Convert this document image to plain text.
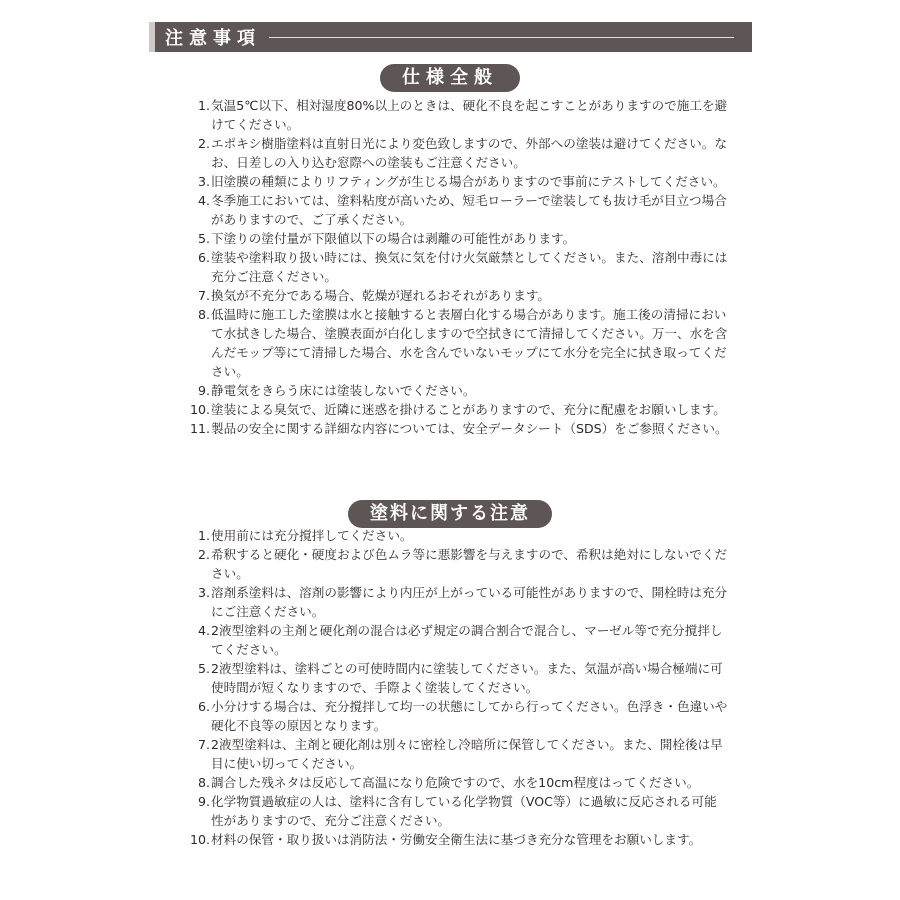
注意事項
仕様全般
1. 気温5℃以下、相対湿度80%以上のときは、硬化不良を起こすことがありますので施工を避けてください。
2. エポキシ樹脂塗料は直射日光により変色致しますので、外部への塗装は避けてください。なお、日差しの入り込む窓際への塗装もご注意ください。
3. 旧塗膜の種類によりリフティングが生じる場合がありますので事前にテストしてください。
4. 冬季施工においては、塗料粘度が高いため、短毛ローラーで塗装しても抜け毛が目立つ場合がありますので、ご了承ください。
5. 下塗りの塗付量が下限値以下の場合は剥離の可能性があります。
6. 塗装や塗料取り扱い時には、換気に気を付け火気厳禁としてください。また、溶剤中毒には充分ご注意ください。
7. 換気が不充分である場合、乾燥が遅れるおそれがあります。
8. 低温時に施工した塗膜は水と接触すると表層白化する場合があります。施工後の清掃において水拭きした場合、塗膜表面が白化しますので空拭きにて清掃してください。万一、水を含んだモップ等にて清掃した場合、水を含んでいないモップにて水分を完全に拭き取ってください。
9. 静電気をきらう床には塗装しないでください。
10. 塗装による臭気で、近隣に迷惑を掛けることがありますので、充分に配慮をお願いします。
11. 製品の安全に関する詳細な内容については、安全データシート（SDS）をご参照ください。
塗料に関する注意
1. 使用前には充分撹拌してください。
2. 希釈すると硬化・硬度および色ムラ等に悪影響を与えますので、希釈は絶対にしないでください。
3. 溶剤系塗料は、溶剤の影響により内圧が上がっている可能性がありますので、開栓時は充分にご注意ください。
4. 2液型塗料の主剤と硬化剤の混合は必ず規定の調合割合で混合し、マーゼル等で充分撹拌してください。
5. 2液型塗料は、塗料ごとの可使時間内に塗装してください。また、気温が高い場合極端に可使時間が短くなりますので、手際よく塗装してください。
6. 小分けする場合は、充分撹拌して均一の状態にしてから行ってください。色浮き・色違いや硬化不良等の原因となります。
7. 2液型塗料は、主剤と硬化剤は別々に密栓し冷暗所に保管してください。また、開栓後は早目に使い切ってください。
8. 調合した残ネタは反応して高温になり危険ですので、水を10cm程度はってください。
9. 化学物質過敏症の人は、塗料に含有している化学物質（VOC等）に過敏に反応される可能性がありますので、充分ご注意ください。
10. 材料の保管・取り扱いは消防法・労働安全衛生法に基づき充分な管理をお願いします。
